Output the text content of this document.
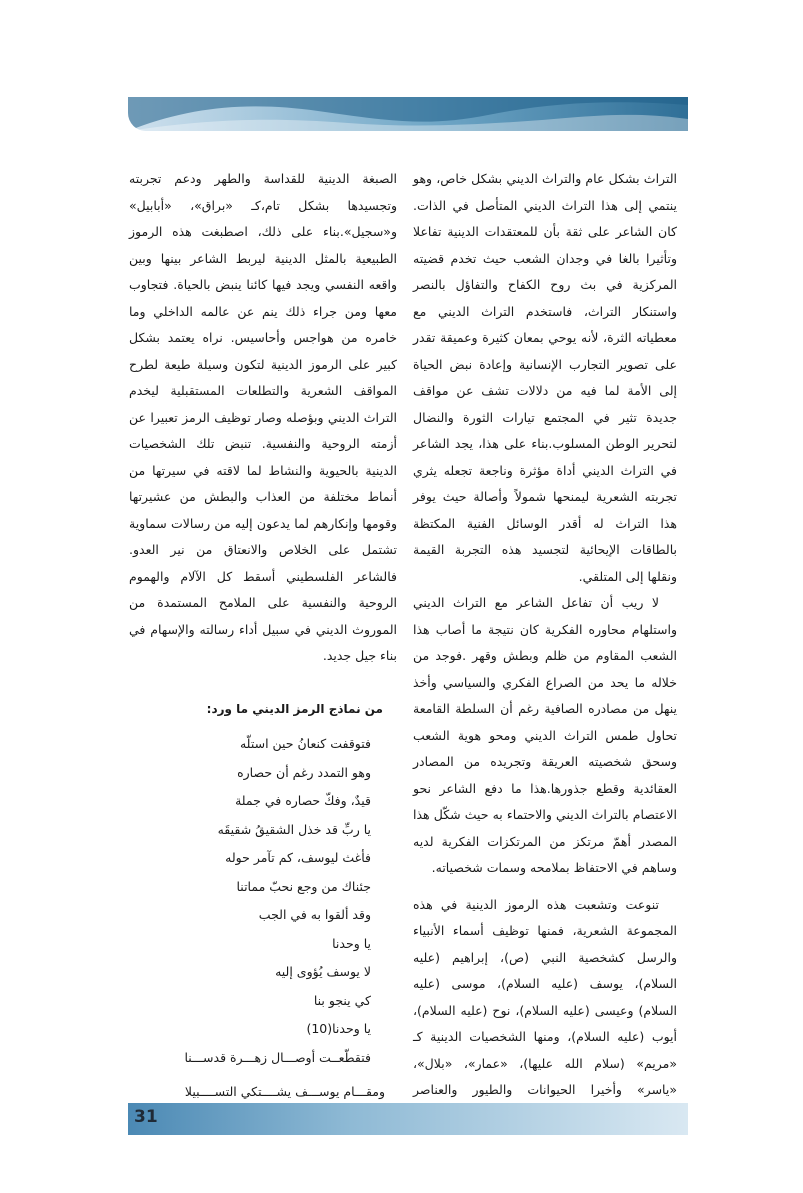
التراث بشكل عام والتراث الديني بشكل خاص، وهو ينتمي إلى هذا التراث الديني المتأصل في الذات. كان الشاعر على ثقة بأن للمعتقدات الدينية تفاعلا وتأثيرا بالغا في وجدان الشعب حيث تخدم قضيته المركزية في بث روح الكفاح والتفاؤل بالنصر واستنكار التراث، فاستخدم التراث الديني مع معطياته الثرة، لأنه يوحي بمعان كثيرة وعميقة تقدر على تصوير التجارب الإنسانية وإعادة نبض الحياة إلى الأمة لما فيه من دلالات تشف عن مواقف جديدة تثير في المجتمع تيارات الثورة والنضال لتحرير الوطن المسلوب.بناء على هذا، يجد الشاعر في التراث الديني أداة مؤثرة وناجعة تجعله يثري تجربته الشعرية ليمنحها شمولاً وأصالة حيث يوفر هذا التراث له أقدر الوسائل الفنية المكتظة بالطاقات الإيحائية لتجسيد هذه التجربة القيمة ونقلها إلى المتلقي.

لا ريب أن تفاعل الشاعر مع التراث الديني واستلهام محاوره الفكرية كان نتيجة ما أصاب هذا الشعب المقاوم من ظلم وبطش وقهر .فوجد من خلاله ما يحد من الصراع الفكري والسياسي وأخذ ينهل من مصادره الصافية رغم أن السلطة القامعة تحاول طمس التراث الديني ومحو هوية الشعب وسحق شخصيته العريقة وتجريده من المصادر العقائدية وقطع جذورها.هذا ما دفع الشاعر نحو الاعتصام بالتراث الديني والاحتماء به حيث شكّل هذا المصدر أهمّ مرتكز من المرتكزات الفكرية لديه وساهم في الاحتفاظ بملامحه وسمات شخصياته.

تنوعت وتشعبت هذه الرموز الدينية في هذه المجموعة الشعرية، فمنها توظيف أسماء الأنبياء والرسل كشخصية النبي (ص)، إبراهيم (عليه السلام)، يوسف (عليه السلام)، موسى (عليه السلام) وعيسى (عليه السلام)، نوح (عليه السلام)، أيوب (عليه السلام)، ومنها الشخصيات الدينية كـ «مريم» (سلام الله عليها)، «عمار»، «بلال»، «ياسر» وأخيرا الحيوانات والطيور والعناصر

الصبغة الدينية للقداسة والطهر ودعم تجربته وتجسيدها بشكل تام،كـ «براق»، «أبابيل» و«سجيل».بناء على ذلك، اصطبغت هذه الرموز الطبيعية بالمثل الدينية ليربط الشاعر بينها وبين واقعه النفسي ويجد فيها كائنا ينبض بالحياة. فتجاوب معها ومن جراء ذلك ينم عن عالمه الداخلي وما خامره من هواجس وأحاسيس. نراه يعتمد بشكل كبير على الرموز الدينية لتكون وسيلة طيعة لطرح المواقف الشعرية والتطلعات المستقبلية ليخدم التراث الديني وبؤصله وصار توظيف الرمز تعبيرا عن أزمته الروحية والنفسية. تنبض تلك الشخصيات الدينية بالحيوية والنشاط لما لاقته في سيرتها من أنماط مختلفة من العذاب والبطش من عشيرتها وقومها وإنكارهم لما يدعون إليه من رسالات سماوية تشتمل على الخلاص والانعتاق من نير العدو. فالشاعر الفلسطيني أسقط كل الآلام والهموم الروحية والنفسية على الملامح المستمدة من الموروث الديني في سبيل أداء رسالته والإسهام في بناء جيل جديد.

من نماذج الرمز الديني ما ورد:

فتوقفت كنعانُ حين استلّه
وهو التمدد رغم أن حصاره
قيدٌ، وفكّ حصاره في جملة
يا ربِّ قد خذل الشقيقُ شقيقَه
فأغث ليوسف، كم تآمر حوله
جئناك من وجع نحبّ مماتنا
وقد ألقوا به في الجب
يا وحدنا
لا يوسف يُؤوى إليه
كي ينجو بنا
يا وحدنا(10)
فتقطّعــت أوصـــال زهـــرة قدســـنا
ومقـــام يوســـف يشــــتكي التســــبيلا
31
